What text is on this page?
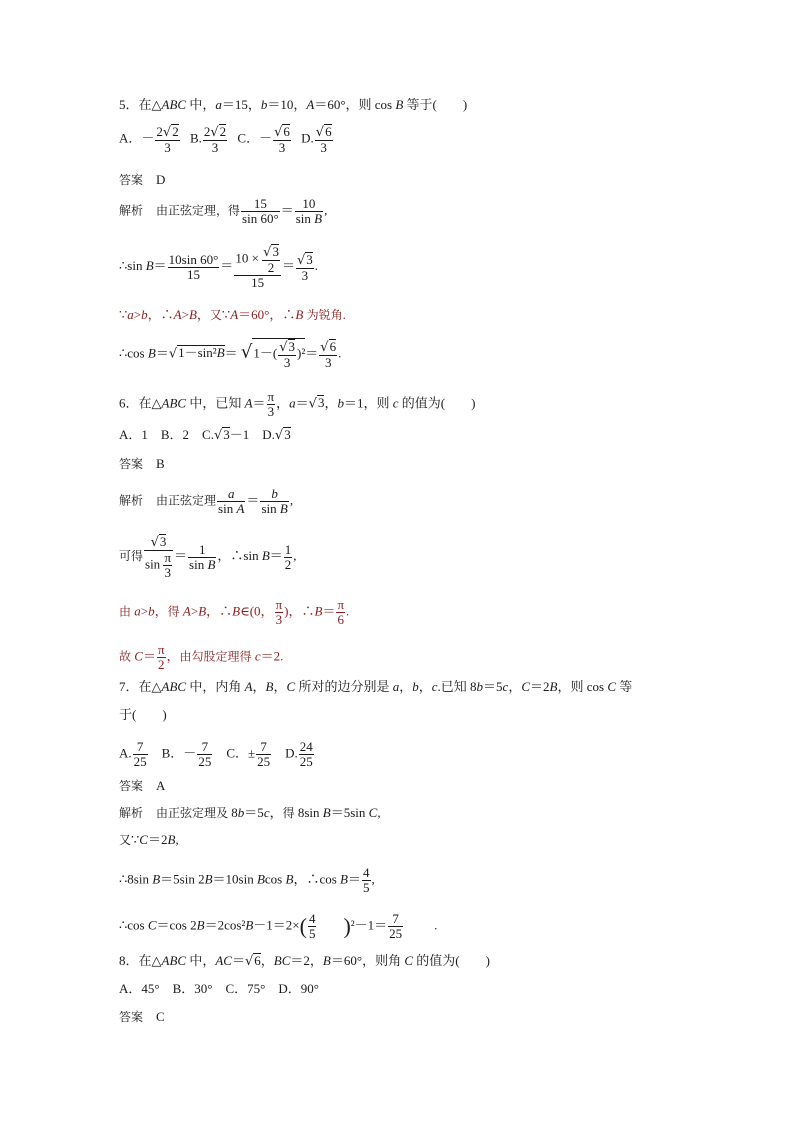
5．在△ABC 中，a＝15，b＝10，A＝60°，则 cos B 等于(　　)
A．－ $\frac{2√2}{3} B$. $\frac{2√2}{3}$ C．－ $\frac{√6}{3} D$. $\frac{√6}{3}$
答案　 D
解析　 由正弦定理，得 $\frac{15}{\sin 60^\circ} = \frac{10}{\text{sin B}}$ ,
∴sin $B= \frac{10\sin 60^\circ}{15} = \frac{10 \times \frac{√3}{2}}{15} = \frac{√3}{3}$ .
∵a>b，∴A>B，又∵A＝60°，∴B 为锐角.
∴cos $B=√1-\sin^2B= √1-( \frac{√3}{3} )^2= \frac{√6}{3}$ .
6．在△ABC 中，已知 $A= \frac{\pi}{3}$ ，a＝√3，b＝1，则 c 的值为(　　)
A．1　B．2　C.√3－1　D.√3
答案　 B
解析　 由正弦定理 $\frac{a}{\text{sin A}} = \frac{b}{\text{sin B}}$ ,
可得 $\frac{√3}{\sin \frac{\pi}{3}} = \frac{1}{\text{sin B}}$ ，∴sin $B= \frac{1}{2}$ ,
由 a>b，得 A>B，∴B∈(0， $\frac{\pi}{3}$ )，∴B＝ $\frac{\pi}{6}$ .
故 $C= \frac{\pi}{2}$ ，由勾股定理得 c＝2.
7．在△ABC 中，内角 A，B，C 所对的边分别是 a，b，c.已知 8b＝5c，C＝2B，则 cos C 等
于(　　)
A. $\frac{7}{25}$ 　B．－ $\frac{7}{25}$ 　C．± $\frac{7}{25}$ 　D. $\frac{24}{25}$
答案　 A
解析　 由正弦定理及 8b＝5c，得 8sin B＝5sin C,
又∵C＝2B,
∴8sin B＝5sin 2B＝10sin Bcos B，∴cos $B= \frac{4}{5}$ ,
∴cos C＝cos $2B=2\cos^2B-1=2\times( \frac{4}{5} )^2-1= \frac{7}{25}$ .
8．在△ABC 中，AC＝√6，BC＝2，B＝60°，则角 C 的值为(　　)
A．45°　B．30°　C．75°　D．90°
答案　 C
